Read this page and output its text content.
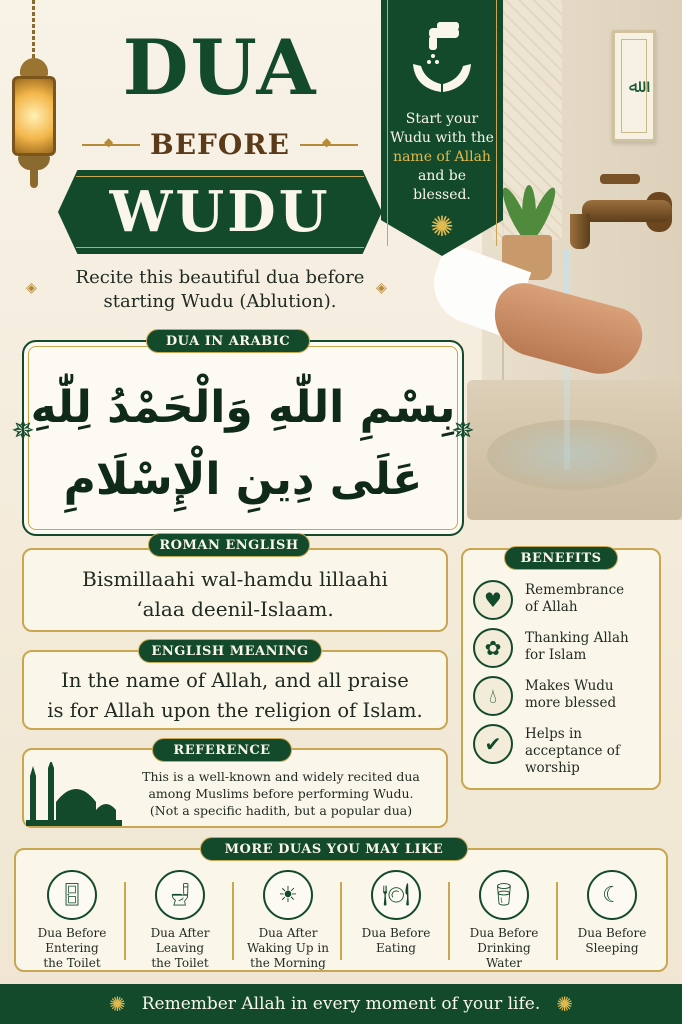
ﷲ
DUA
◆
BEFORE
◆
WUDU
Start your
Wudu with the
name of Allah
and be
blessed.
✺
◈	Recite this beautiful dua before
starting Wudu (Ablution).
◈
DUA IN ARABIC
بِسْمِ اللّٰهِ وَالْحَمْدُ لِلّٰهِ
عَلَى دِينِ الْإِسْلَامِ
✵	✵
ROMAN ENGLISH
Bismillaahi wal-hamdu lillaahi
‘alaa deenil-Islaam.
ENGLISH MEANING
In the name of Allah, and all praise
is for Allah upon the religion of Islam.
REFERENCE
This is a well-known and widely recited dua
among Muslims before performing Wudu.
(Not a specific hadith, but a popular dua)
BENEFITS
♥	Remembrance
of Allah
✿	Thanking Allah
for Islam
💧︎	Makes Wudu
more blessed
✔	Helps in
acceptance of
worship
MORE DUAS YOU MAY LIKE
🚪︎
Dua Before
Entering
the Toilet
🚽︎
Dua After
Leaving
the Toilet
☀
Dua After
Waking Up in
the Morning
🍽︎
Dua Before
Eating
🥛︎
Dua Before
Drinking
Water
☾
Dua Before
Sleeping
✺ Remember Allah in every moment of your life. ✺
